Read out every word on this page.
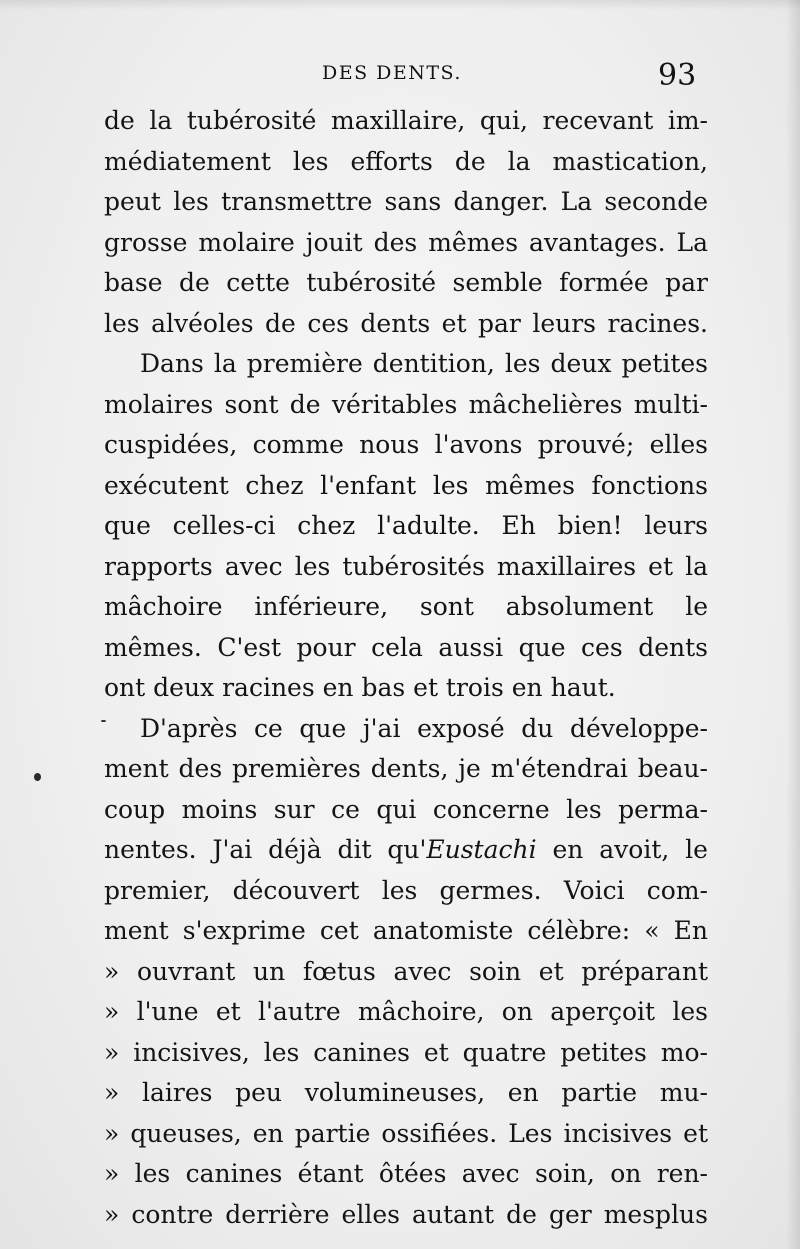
DES DENTS.	93
de la tubérosité maxillaire, qui, recevant im-
médiatement les efforts de la mastication,
peut les transmettre sans danger. La seconde
grosse molaire jouit des mêmes avantages. La
base de cette tubérosité semble formée par
les alvéoles de ces dents et par leurs racines.
Dans la première dentition, les deux petites
molaires sont de véritables mâchelières multi-
cuspidées, comme nous l'avons prouvé; elles
exécutent chez l'enfant les mêmes fonctions
que celles-ci chez l'adulte. Eh bien! leurs
rapports avec les tubérosités maxillaires et la
mâchoire inférieure, sont absolument le
mêmes. C'est pour cela aussi que ces dents
ont deux racines en bas et trois en haut.
D'après ce que j'ai exposé du développe-
ment des premières dents, je m'étendrai beau-
coup moins sur ce qui concerne les perma-
nentes. J'ai déjà dit qu'Eustachi en avoit, le
premier, découvert les germes. Voici com-
ment s'exprime cet anatomiste célèbre: « En
» ouvrant un fœtus avec soin et préparant
» l'une et l'autre mâchoire, on aperçoit les
» incisives, les canines et quatre petites mo-
» laires peu volumineuses, en partie mu-
» queuses, en partie ossifiées. Les incisives et
» les canines étant ôtées avec soin, on ren-
» contre derrière elles autant de ger mesplus
